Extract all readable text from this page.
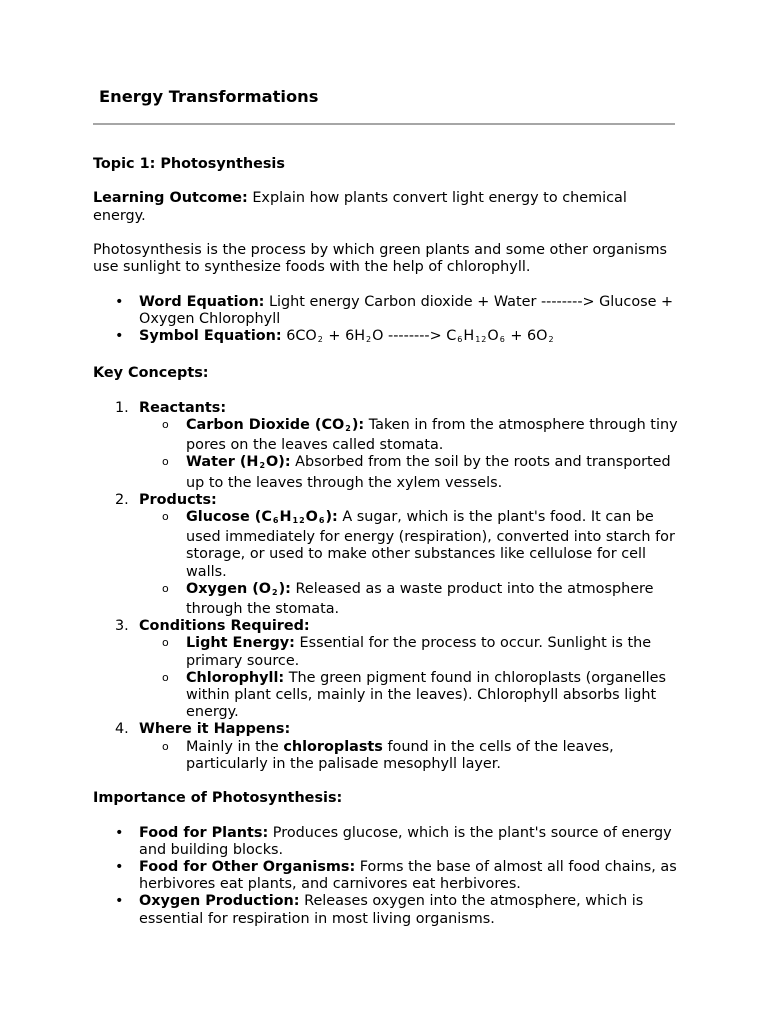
Energy Transformations

Topic 1: Photosynthesis

Learning Outcome: Explain how plants convert light energy to chemical energy.

Photosynthesis is the process by which green plants and some other organisms use sunlight to synthesize foods with the help of chlorophyll.

• Word Equation: Light energy Carbon dioxide + Water --------> Glucose + Oxygen Chlorophyll
• Symbol Equation: 6CO2 + 6H2O --------> C6H12O6 + 6O2

Key Concepts:

1. Reactants:
o Carbon Dioxide (CO2): Taken in from the atmosphere through tiny pores on the leaves called stomata.
o Water (H2O): Absorbed from the soil by the roots and transported up to the leaves through the xylem vessels.
2. Products:
o Glucose (C6H12O6): A sugar, which is the plant's food. It can be used immediately for energy (respiration), converted into starch for storage, or used to make other substances like cellulose for cell walls.
o Oxygen (O2): Released as a waste product into the atmosphere through the stomata.
3. Conditions Required:
o Light Energy: Essential for the process to occur. Sunlight is the primary source.
o Chlorophyll: The green pigment found in chloroplasts (organelles within plant cells, mainly in the leaves). Chlorophyll absorbs light energy.
4. Where it Happens:
o Mainly in the chloroplasts found in the cells of the leaves, particularly in the palisade mesophyll layer.

Importance of Photosynthesis:

• Food for Plants: Produces glucose, which is the plant's source of energy and building blocks.
• Food for Other Organisms: Forms the base of almost all food chains, as herbivores eat plants, and carnivores eat herbivores.
• Oxygen Production: Releases oxygen into the atmosphere, which is essential for respiration in most living organisms.
